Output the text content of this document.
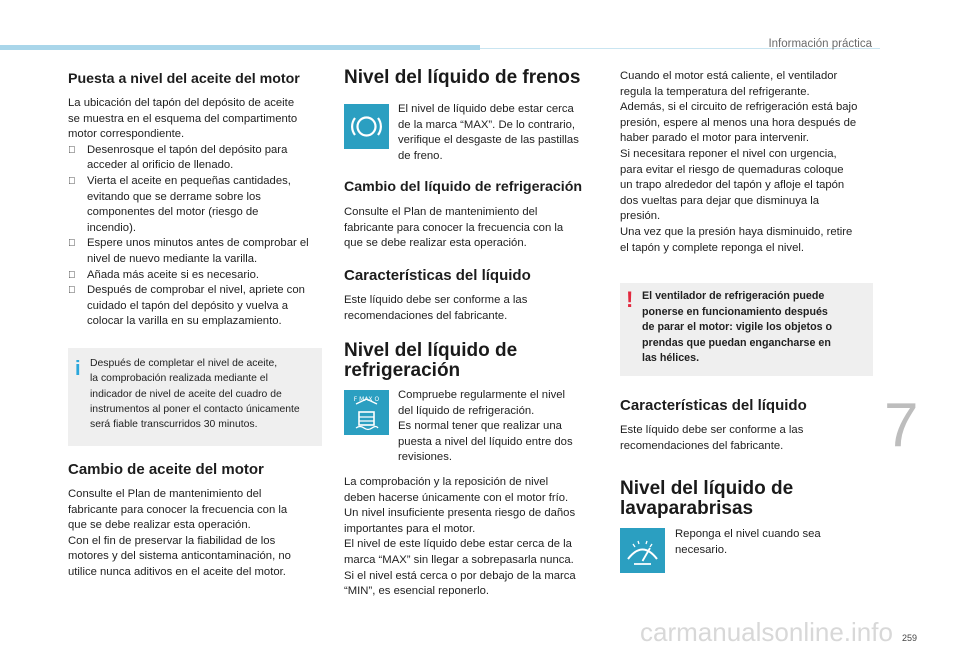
Información práctica
Puesta a nivel del aceite del motor
La ubicación del tapón del depósito de aceite
se muestra en el esquema del compartimento
motor correspondiente.
Desenrosque el tapón del depósito para
acceder al orificio de llenado.
Vierta el aceite en pequeñas cantidades,
evitando que se derrame sobre los
componentes del motor (riesgo de
incendio).
Espere unos minutos antes de comprobar el
nivel de nuevo mediante la varilla.
Añada más aceite si es necesario.
Después de comprobar el nivel, apriete con
cuidado el tapón del depósito y vuelva a
colocar la varilla en su emplazamiento.
i Después de completar el nivel de aceite,
la comprobación realizada mediante el
indicador de nivel de aceite del cuadro de
instrumentos al poner el contacto únicamente
será fiable transcurridos 30 minutos.
Cambio de aceite del motor
Consulte el Plan de mantenimiento del
fabricante para conocer la frecuencia con la
que se debe realizar esta operación.
Con el fin de preservar la fiabilidad de los
motores y del sistema anticontaminación, no
utilice nunca aditivos en el aceite del motor.
Nivel del líquido de frenos
El nivel de líquido debe estar cerca
de la marca “MAX”. De lo contrario,
verifique el desgaste de las pastillas
de freno.
Cambio del líquido de refrigeración
Consulte el Plan de mantenimiento del
fabricante para conocer la frecuencia con la
que se debe realizar esta operación.
Características del líquido
Este líquido debe ser conforme a las
recomendaciones del fabricante.
Nivel del líquido de
refrigeración
F MAX O Compruebe regularmente el nivel
del líquido de refrigeración.
Es normal tener que realizar una
puesta a nivel del líquido entre dos
revisiones.
La comprobación y la reposición de nivel
deben hacerse únicamente con el motor frío.
Un nivel insuficiente presenta riesgo de daños
importantes para el motor.
El nivel de este líquido debe estar cerca de la
marca “MAX” sin llegar a sobrepasarla nunca.
Si el nivel está cerca o por debajo de la marca
“MIN”, es esencial reponerlo.
Cuando el motor está caliente, el ventilador
regula la temperatura del refrigerante.
Además, si el circuito de refrigeración está bajo
presión, espere al menos una hora después de
haber parado el motor para intervenir.
Si necesitara reponer el nivel con urgencia,
para evitar el riesgo de quemaduras coloque
un trapo alrededor del tapón y afloje el tapón
dos vueltas para dejar que disminuya la
presión.
Una vez que la presión haya disminuido, retire
el tapón y complete reponga el nivel.
! El ventilador de refrigeración puede
ponerse en funcionamiento después
de parar el motor: vigile los objetos o
prendas que puedan engancharse en
las hélices.
Características del líquido
Este líquido debe ser conforme a las
recomendaciones del fabricante.
Nivel del líquido de
lavaparabrisas
Reponga el nivel cuando sea
necesario.
7
259
carmanualsonline.info
